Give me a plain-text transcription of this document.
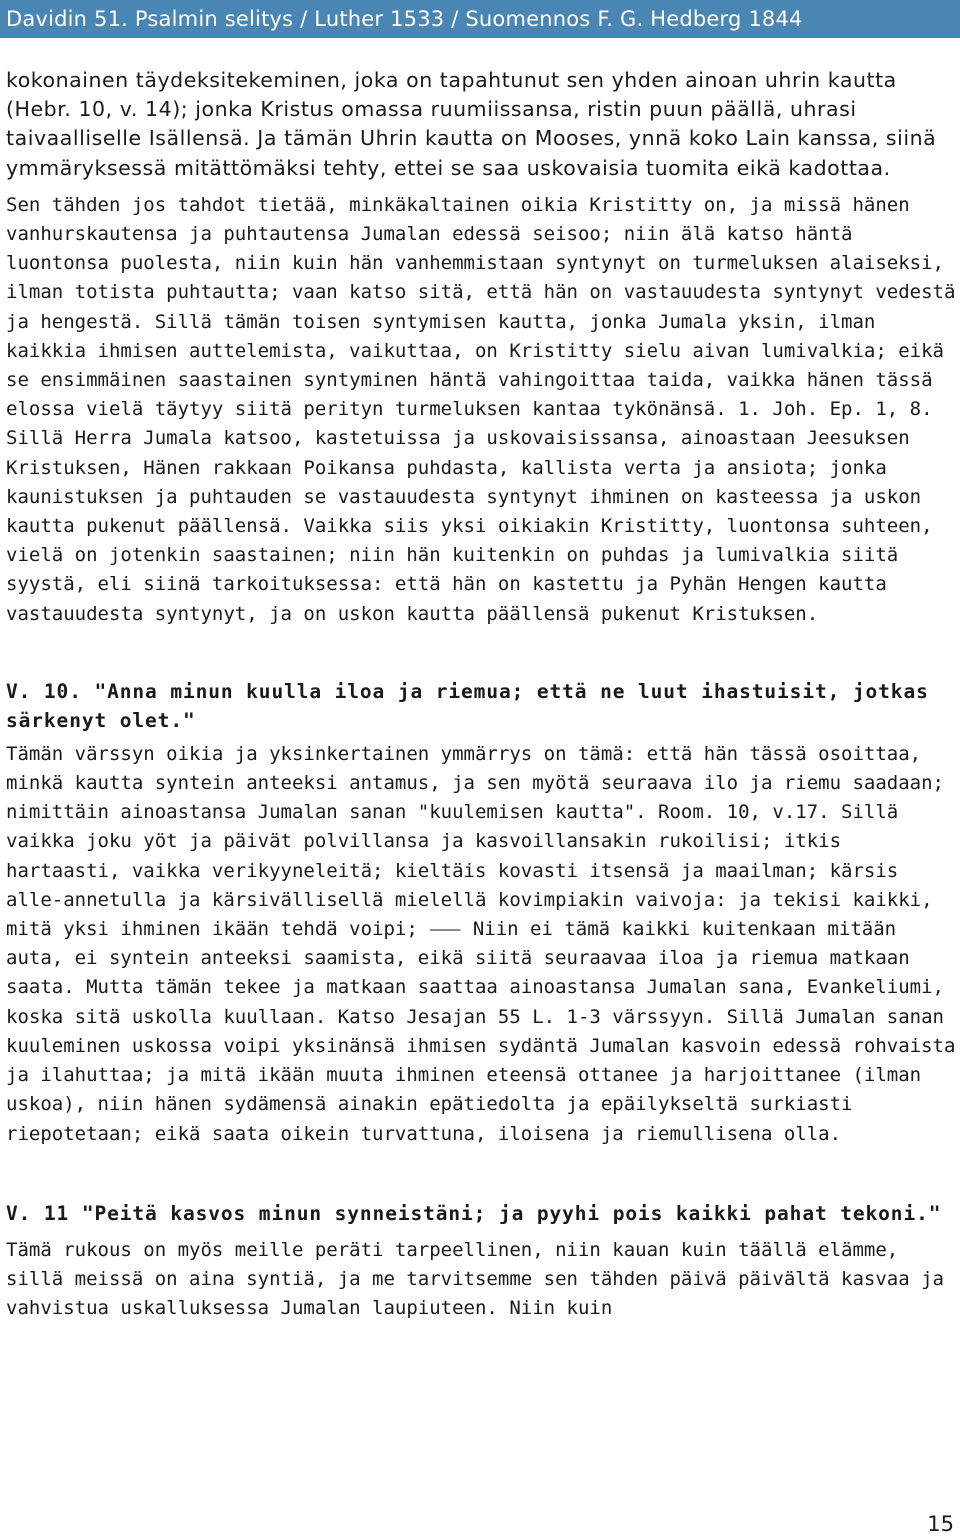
Davidin 51. Psalmin selitys / Luther 1533 / Suomennos F. G. Hedberg 1844

kokonainen täydeksitekeminen, joka on tapahtunut sen yhden ainoan uhrin kautta (Hebr. 10, v. 14); jonka Kristus omassa ruumiissansa, ristin puun päällä, uhrasi taivaalliselle Isällensä. Ja tämän Uhrin kautta on Mooses, ynnä koko Lain kanssa, siinä ymmäryksessä mitättömäksi tehty, ettei se saa uskovaisia tuomita eikä kadottaa.

Sen tähden jos tahdot tietää, minkäkaltainen oikia Kristitty on, ja missä hänen vanhurskautensa ja puhtautensa Jumalan edessä seisoo; niin älä katso häntä luontonsa puolesta, niin kuin hän vanhemmistaan syntynyt on turmeluksen alaiseksi, ilman totista puhtautta; vaan katso sitä, että hän on vastauudesta syntynyt vedestä ja hengestä. Sillä tämän toisen syntymisen kautta, jonka Jumala yksin, ilman kaikkia ihmisen auttelemista, vaikuttaa, on Kristitty sielu aivan lumivalkia; eikä se ensimmäinen saastainen syntyminen häntä vahingoittaa taida, vaikka hänen tässä elossa vielä täytyy siitä perityn turmeluksen kantaa tykönänsä. 1. Joh. Ep. 1, 8. Sillä Herra Jumala katsoo, kastetuissa ja uskovaisissansa, ainoastaan Jeesuksen Kristuksen, Hänen rakkaan Poikansa puhdasta, kallista verta ja ansiota; jonka kaunistuksen ja puhtauden se vastauudesta syntynyt ihminen on kasteessa ja uskon kautta pukenut päällensä. Vaikka siis yksi oikiakin Kristitty, luontonsa suhteen, vielä on jotenkin saastainen; niin hän kuitenkin on puhdas ja lumivalkia siitä syystä, eli siinä tarkoituksessa: että hän on kastettu ja Pyhän Hengen kautta vastauudesta syntynyt, ja on uskon kautta päällensä pukenut Kristuksen.

V. 10. "Anna minun kuulla iloa ja riemua; että ne luut ihastuisit, jotkas särkenyt olet."

Tämän värssyn oikia ja yksinkertainen ymmärrys on tämä: että hän tässä osoittaa, minkä kautta syntein anteeksi antamus, ja sen myötä seuraava ilo ja riemu saadaan; nimittäin ainoastansa Jumalan sanan "kuulemisen kautta". Room. 10, v.17. Sillä vaikka joku yöt ja päivät polvillansa ja kasvoillansakin rukoilisi; itkis hartaasti, vaikka verikyyneleitä; kieltäis kovasti itsensä ja maailman; kärsis alle-annetulla ja kärsivällisellä mielellä kovimpiakin vaivoja: ja tekisi kaikki, mitä yksi ihminen ikään tehdä voipi; ⸺ Niin ei tämä kaikki kuitenkaan mitään auta, ei syntein anteeksi saamista, eikä siitä seuraavaa iloa ja riemua matkaan saata. Mutta tämän tekee ja matkaan saattaa ainoastansa Jumalan sana, Evankeliumi, koska sitä uskolla kuullaan. Katso Jesajan 55 L. 1-3 värssyyn. Sillä Jumalan sanan kuuleminen uskossa voipi yksinänsä ihmisen sydäntä Jumalan kasvoin edessä rohvaista ja ilahuttaa; ja mitä ikään muuta ihminen eteensä ottanee ja harjoittanee (ilman uskoa), niin hänen sydämensä ainakin epätiedolta ja epäilykseltä surkiasti riepotetaan; eikä saata oikein turvattuna, iloisena ja riemullisena olla.

V. 11 "Peitä kasvos minun synneistäni; ja pyyhi pois kaikki pahat tekoni."

Tämä rukous on myös meille peräti tarpeellinen, niin kauan kuin täällä elämme, sillä meissä on aina syntiä, ja me tarvitsemme sen tähden päivä päivältä kasvaa ja vahvistua uskalluksessa Jumalan laupiuteen. Niin kuin

15
